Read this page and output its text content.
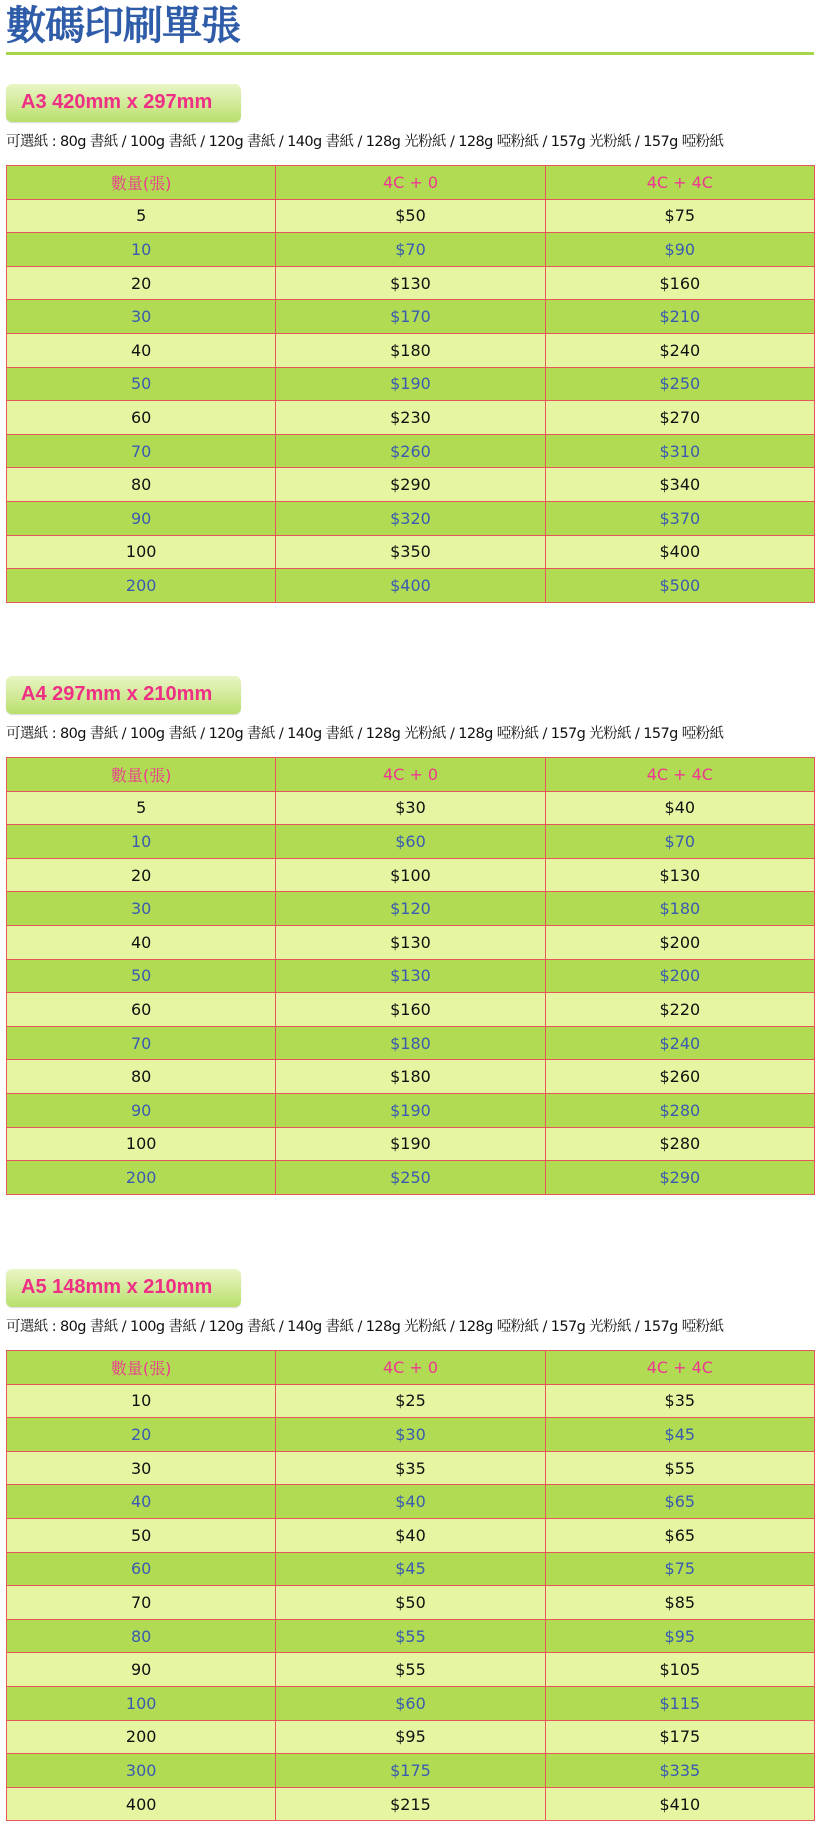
數碼印刷單張
A3 420mm x 297mm
可選紙 : 80g 書紙 / 100g 書紙 / 120g 書紙 / 140g 書紙 / 128g 光粉紙 / 128g 啞粉紙 / 157g 光粉紙 / 157g 啞粉紙
數量(張)	4C + 0	4C + 4C
5	$50	$75
10	$70	$90
20	$130	$160
30	$170	$210
40	$180	$240
50	$190	$250
60	$230	$270
70	$260	$310
80	$290	$340
90	$320	$370
100	$350	$400
200	$400	$500
A4 297mm x 210mm
可選紙 : 80g 書紙 / 100g 書紙 / 120g 書紙 / 140g 書紙 / 128g 光粉紙 / 128g 啞粉紙 / 157g 光粉紙 / 157g 啞粉紙
數量(張)	4C + 0	4C + 4C
5	$30	$40
10	$60	$70
20	$100	$130
30	$120	$180
40	$130	$200
50	$130	$200
60	$160	$220
70	$180	$240
80	$180	$260
90	$190	$280
100	$190	$280
200	$250	$290
A5 148mm x 210mm
可選紙 : 80g 書紙 / 100g 書紙 / 120g 書紙 / 140g 書紙 / 128g 光粉紙 / 128g 啞粉紙 / 157g 光粉紙 / 157g 啞粉紙
數量(張)	4C + 0	4C + 4C
10	$25	$35
20	$30	$45
30	$35	$55
40	$40	$65
50	$40	$65
60	$45	$75
70	$50	$85
80	$55	$95
90	$55	$105
100	$60	$115
200	$95	$175
300	$175	$335
400	$215	$410
